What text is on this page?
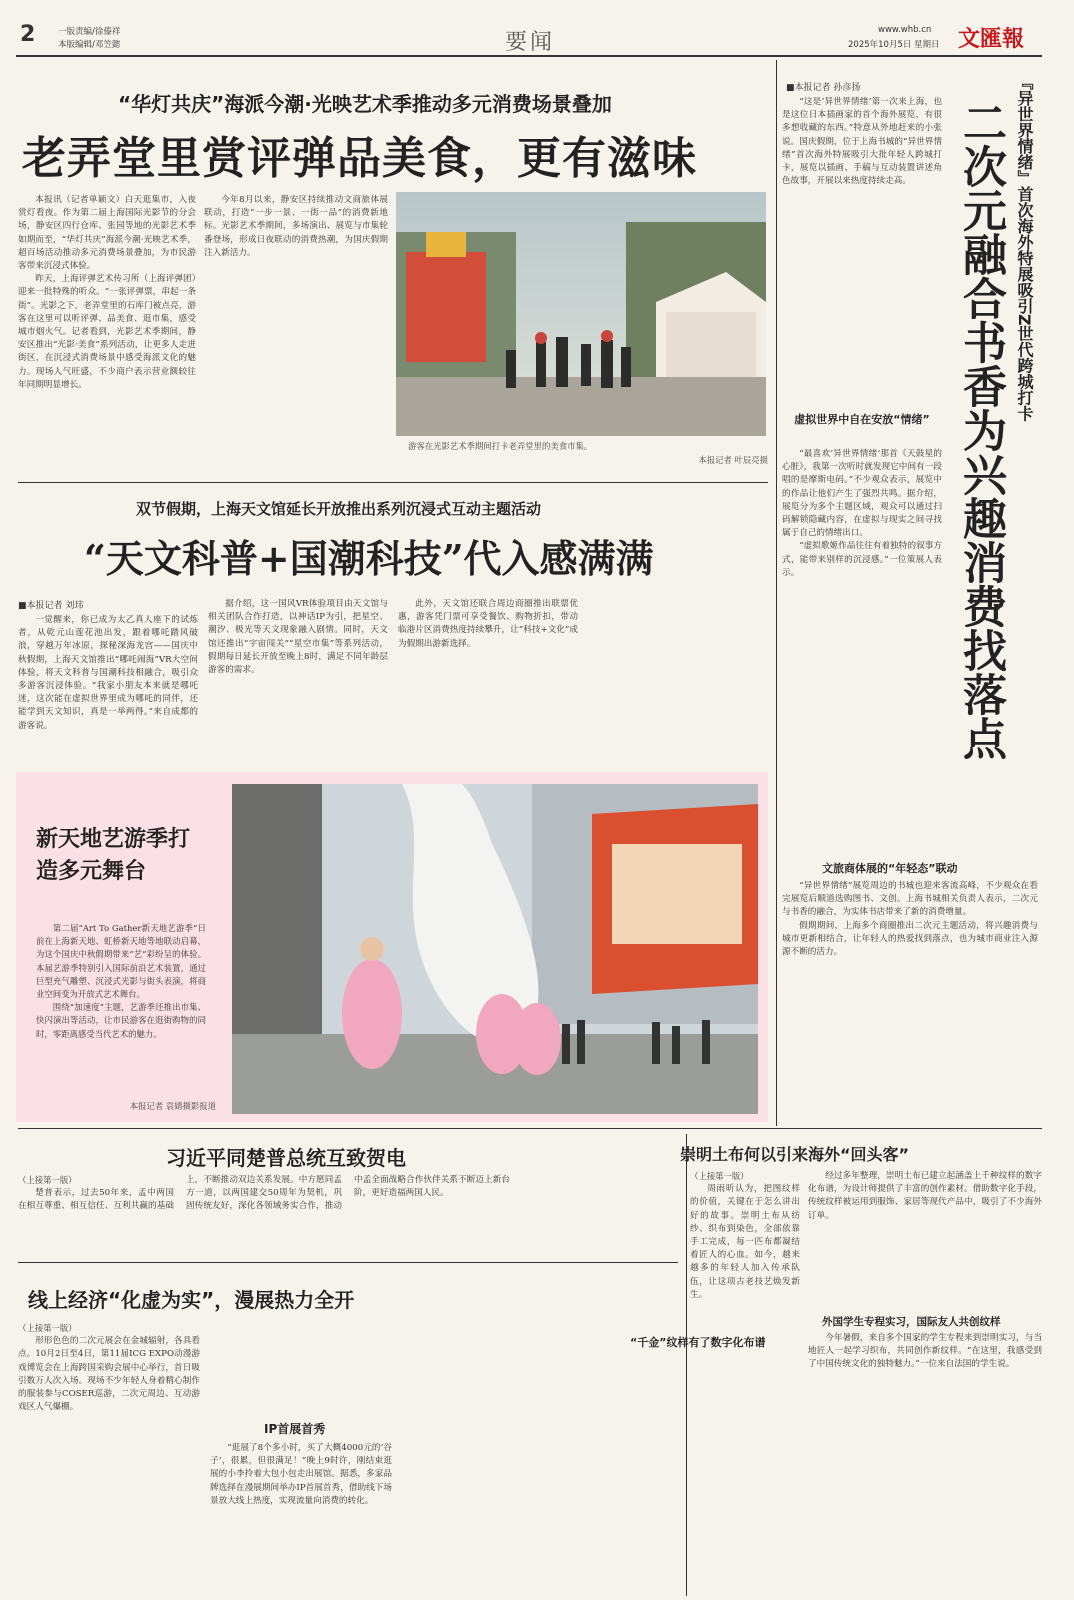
2	一版责编/徐傣祥
本版编辑/邓笠懿	要闻	www.whb.cn
2025年10月5日 星期日 文匯報
“华灯共庆”海派今潮·光映艺术季推动多元消费场景叠加
老弄堂里赏评弹品美食，更有滋味

本报讯（记者单颖文）白天逛集市，入夜赏灯看夜。作为第二届上海国际光影节的分会场，静安区四行仓库、张园等地的光影艺术季如期而至，“华灯共庆”海派今潮·光映艺术季，超百场活动推动多元消费场景叠加，为市民游客带来沉浸式体验。

昨天，上海评弹艺术传习所（上海评弹团）迎来一批特殊的听众。“一张评弹票，串起一条街”。光影之下，老弄堂里的石库门被点亮，游客在这里可以听评弹、品美食、逛市集，感受城市烟火气。记者看到，光影艺术季期间，静安区推出“光影·美食”系列活动，让更多人走进街区，在沉浸式消费场景中感受海派文化的魅力。现场人气旺盛，不少商户表示营业额较往年同期明显增长。

今年8月以来，静安区持续推动文商旅体展联动，打造“一步一景、一街一品”的消费新地标。光影艺术季期间，多场演出、展览与市集轮番登场，形成日夜联动的消费热潮，为国庆假期注入新活力。

游客在光影艺术季期间打卡老弄堂里的美食市集。
本报记者 叶辰亮摄
双节假期，上海天文馆延长开放推出系列沉浸式互动主题活动
“天文科普+国潮科技”代入感满满
■本报记者 刘玮

一觉醒来，你已成为太乙真人座下的试炼者，从乾元山莲花池出发，跟着哪吒踏风破浪，穿越万年冰原，探秘深海龙宫——国庆中秋假期，上海天文馆推出“哪吒闹海”VR大空间体验，将天文科普与国潮科技相融合，吸引众多游客沉浸体验。“我家小朋友本来就是哪吒迷，这次能在虚拟世界里成为哪吒的同伴，还能学到天文知识，真是一举两得。”来自成都的游客说。

据介绍，这一国风VR体验项目由天文馆与相关团队合作打造，以神话IP为引，把星空、潮汐、极光等天文现象融入剧情。同时，天文馆还推出“宇宙闯关”“星空市集”等系列活动，假期每日延长开放至晚上8时，满足不同年龄层游客的需求。

此外，天文馆还联合周边商圈推出联票优惠，游客凭门票可享受餐饮、购物折扣，带动临港片区消费热度持续攀升，让“科技+文化”成为假期出游新选择。

新天地艺游季打造多元舞台

第二届“Art To Gather新天地艺游季”日前在上海新天地、虹桥新天地等地联动启幕，为这个国庆中秋假期带来“艺”彩纷呈的体验。本届艺游季特别引入国际前沿艺术装置，通过巨型充气雕塑、沉浸式光影与街头表演，将商业空间变为开放式艺术舞台。

围绕“加速度”主题，艺游季还推出市集、快闪演出等活动，让市民游客在逛街购物的同时，零距离感受当代艺术的魅力。

本报记者 袁婧摄影报道
习近平同楚普总统互致贺电
（上接第一版）

楚普表示，过去50年来，孟中两国在相互尊重、相互信任、互利共赢的基础上，不断推动双边关系发展。中方愿同孟方一道，以两国建交50周年为契机，巩固传统友好，深化各领域务实合作，推动中孟全面战略合作伙伴关系不断迈上新台阶，更好造福两国人民。

线上经济“化虚为实”，漫展热力全开
（上接第一版）

形形色色的二次元展会在金城辐射，各具看点。10月2日至4日，第11届ICG EXPO动漫游戏博览会在上海跨国采购会展中心举行，首日吸引数万人次入场。现场不少年轻人身着精心制作的服装参与COSER巡游，二次元周边、互动游戏区人气爆棚。

IP首展首秀

“逛展了8个多小时，买了大概4000元的‘谷子’，很累，但很满足！”晚上9时许，刚结束逛展的小李拎着大包小包走出展馆。据悉，多家品牌选择在漫展期间举办IP首展首秀，借助线下场景放大线上热度，实现流量向消费的转化。

崇明土布何以引来海外“回头客”
（上接第一版）

周雨昕认为，把图纹样的价值，关键在于怎么讲出好的故事。崇明土布从纺纱、织布到染色，全部依靠手工完成，每一匹布都凝结着匠人的心血。如今，越来越多的年轻人加入传承队伍，让这项古老技艺焕发新生。

“千金”纹样有了数字化布谱

经过多年整理，崇明土布已建立起涵盖上千种纹样的数字化布谱，为设计师提供了丰富的创作素材。借助数字化手段，传统纹样被运用到服饰、家居等现代产品中，吸引了不少海外订单。

外国学生专程实习，国际友人共创纹样

今年暑假，来自多个国家的学生专程来到崇明实习，与当地匠人一起学习织布，共同创作新纹样。“在这里，我感受到了中国传统文化的独特魅力。”一位来自法国的学生说。

■本报记者 孙彦扬	『异世界情绪』首次海外特展吸引Z世代跨城打卡
二次元融合书香为兴趣消费找落点

“这是‘异世界情绪’第一次来上海，也是这位日本插画家的首个海外展览，有很多想收藏的东西。”特意从外地赶来的小张说。国庆假期，位于上海书城的“异世界情绪”首次海外特展吸引大批年轻人跨城打卡，展览以插画、手稿与互动装置讲述角色故事，开展以来热度持续走高。

虚拟世界中自在安放“情绪”

“最喜欢‘异世界情绪’那首《天鼓星的心脏》，我第一次听时就发现它中间有一段唱的是摩斯电码。”不少观众表示，展览中的作品让他们产生了强烈共鸣。据介绍，展览分为多个主题区域，观众可以通过扫码解锁隐藏内容，在虚拟与现实之间寻找属于自己的情绪出口。

“虚拟歌姬作品往往有着独特的叙事方式，能带来别样的沉浸感。”一位策展人表示。

文旅商体展的“年轻态”联动

“异世界情绪”展览周边的书城也迎来客流高峰，不少观众在看完展览后顺道选购图书、文创。上海书城相关负责人表示，二次元与书香的融合，为实体书店带来了新的消费增量。

假期期间，上海多个商圈推出二次元主题活动，将兴趣消费与城市更新相结合，让年轻人的热爱找到落点，也为城市商业注入源源不断的活力。
